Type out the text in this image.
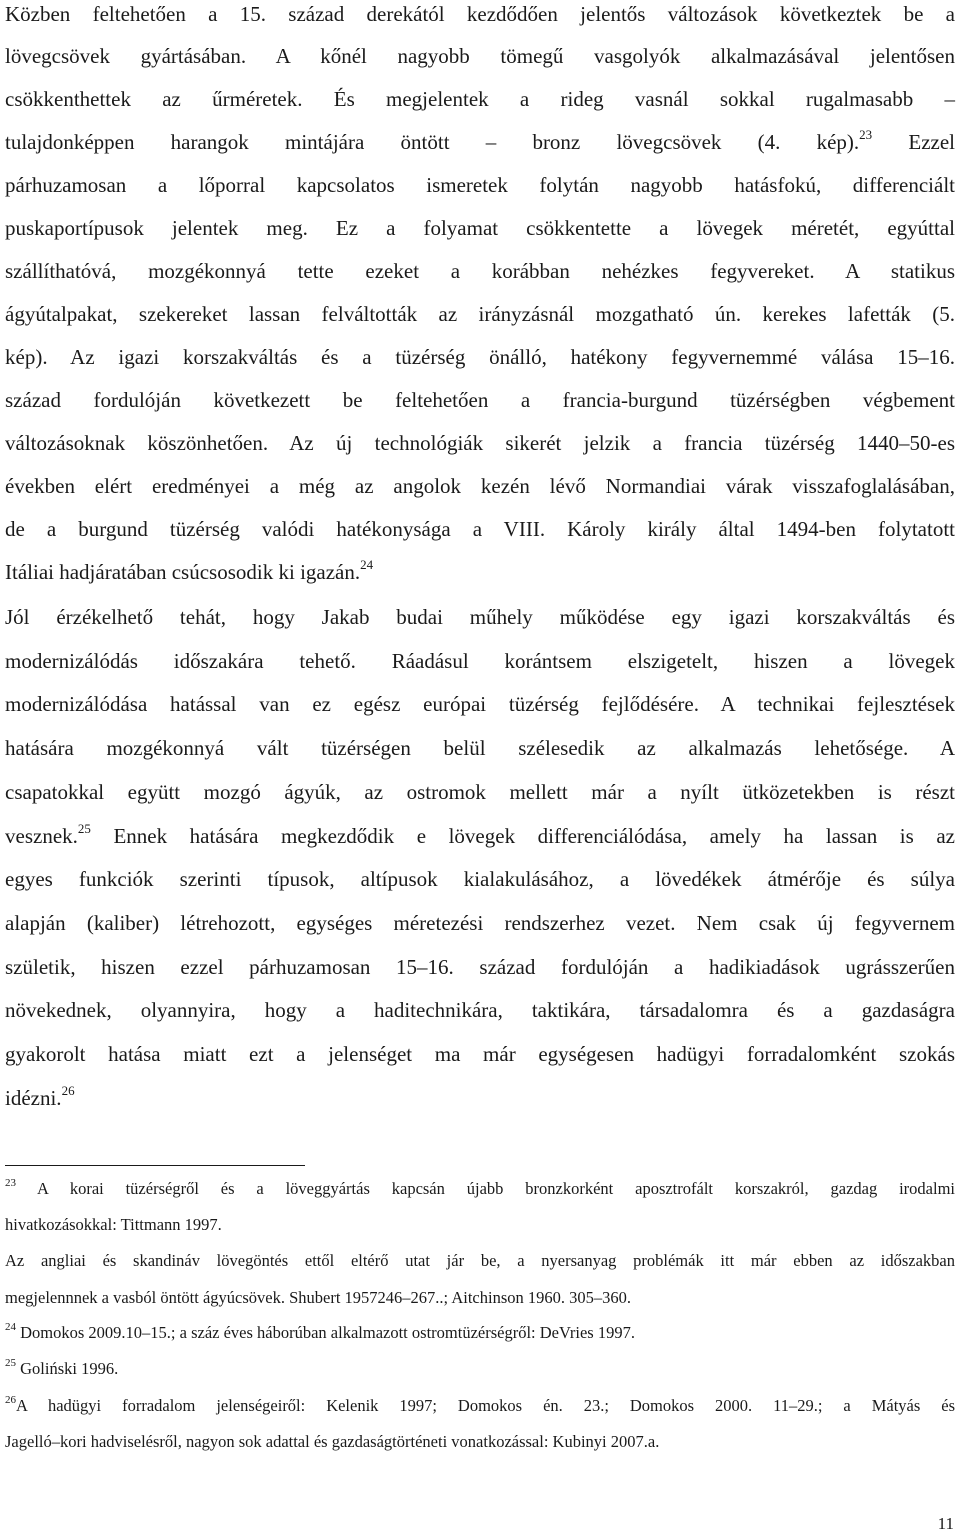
Közben feltehetően a 15. század derekától kezdődően jelentős változások következtek be a
lövegcsövek gyártásában. A kőnél nagyobb tömegű vasgolyók alkalmazásával jelentősen
csökkenthettek az űrméretek. És megjelentek a rideg vasnál sokkal rugalmasabb –
tulajdonképpen harangok mintájára öntött – bronz lövegcsövek (4. kép).$^{23}$ Ezzel
párhuzamosan a lőporral kapcsolatos ismeretek folytán nagyobb hatásfokú, differenciált
puskaportípusok jelentek meg. Ez a folyamat csökkentette a lövegek méretét, egyúttal
szállíthatóvá, mozgékonnyá tette ezeket a korábban nehézkes fegyvereket. A statikus
ágyútalpakat, szekereket lassan felváltották az irányzásnál mozgatható ún. kerekes lafetták (5.
kép). Az igazi korszakváltás és a tüzérség önálló, hatékony fegyvernemmé válása 15–16.
század fordulóján következett be feltehetően a francia-burgund tüzérségben végbement
változásoknak köszönhetően. Az új technológiák sikerét jelzik a francia tüzérség 1440–50-es
években elért eredményei a még az angolok kezén lévő Normandiai várak visszafoglalásában,
de a burgund tüzérség valódi hatékonysága a VIII. Károly király által 1494-ben folytatott
Itáliai hadjáratában csúcsosodik ki igazán.$^{24}$
Jól érzékelhető tehát, hogy Jakab budai műhely működése egy igazi korszakváltás és
modernizálódás időszakára tehető. Ráadásul korántsem elszigetelt, hiszen a lövegek
modernizálódása hatással van ez egész európai tüzérség fejlődésére. A technikai fejlesztések
hatására mozgékonnyá vált tüzérségen belül szélesedik az alkalmazás lehetősége. A
csapatokkal együtt mozgó ágyúk, az ostromok mellett már a nyílt ütközetekben is részt
vesznek.$^{25}$ Ennek hatására megkezdődik e lövegek differenciálódása, amely ha lassan is az
egyes funkciók szerinti típusok, altípusok kialakulásához, a lövedékek átmérője és súlya
alapján (kaliber) létrehozott, egységes méretezési rendszerhez vezet. Nem csak új fegyvernem
születik, hiszen ezzel párhuzamosan 15–16. század fordulóján a hadikiadások ugrásszerűen
növekednek, olyannyira, hogy a haditechnikára, taktikára, társadalomra és a gazdaságra
gyakorolt hatása miatt ezt a jelenséget ma már egységesen hadügyi forradalomként szokás
idézni.$^{26}$
$^{23}$ A korai tüzérségről és a löveggyártás kapcsán újabb bronzkorként aposztrofált korszakról, gazdag irodalmi
hivatkozásokkal: Tittmann 1997.
Az angliai és skandináv lövegöntés ettől eltérő utat jár be, a nyersanyag problémák itt már ebben az időszakban
megjelennnek a vasból öntött ágyúcsövek. Shubert 1957246–267..; Aitchinson 1960. 305–360.
$^{24}$ Domokos 2009.10–15.; a száz éves háborúban alkalmazott ostromtüzérségről: DeVries 1997.
$^{25}$ Goliński 1996.
$^{26}$A hadügyi forradalom jelenségeiről: Kelenik 1997; Domokos én. 23.; Domokos 2000. 11–29.; a Mátyás és
Jagelló–kori hadviselésről, nagyon sok adattal és gazdaságtörténeti vonatkozással: Kubinyi 2007.a.
11
